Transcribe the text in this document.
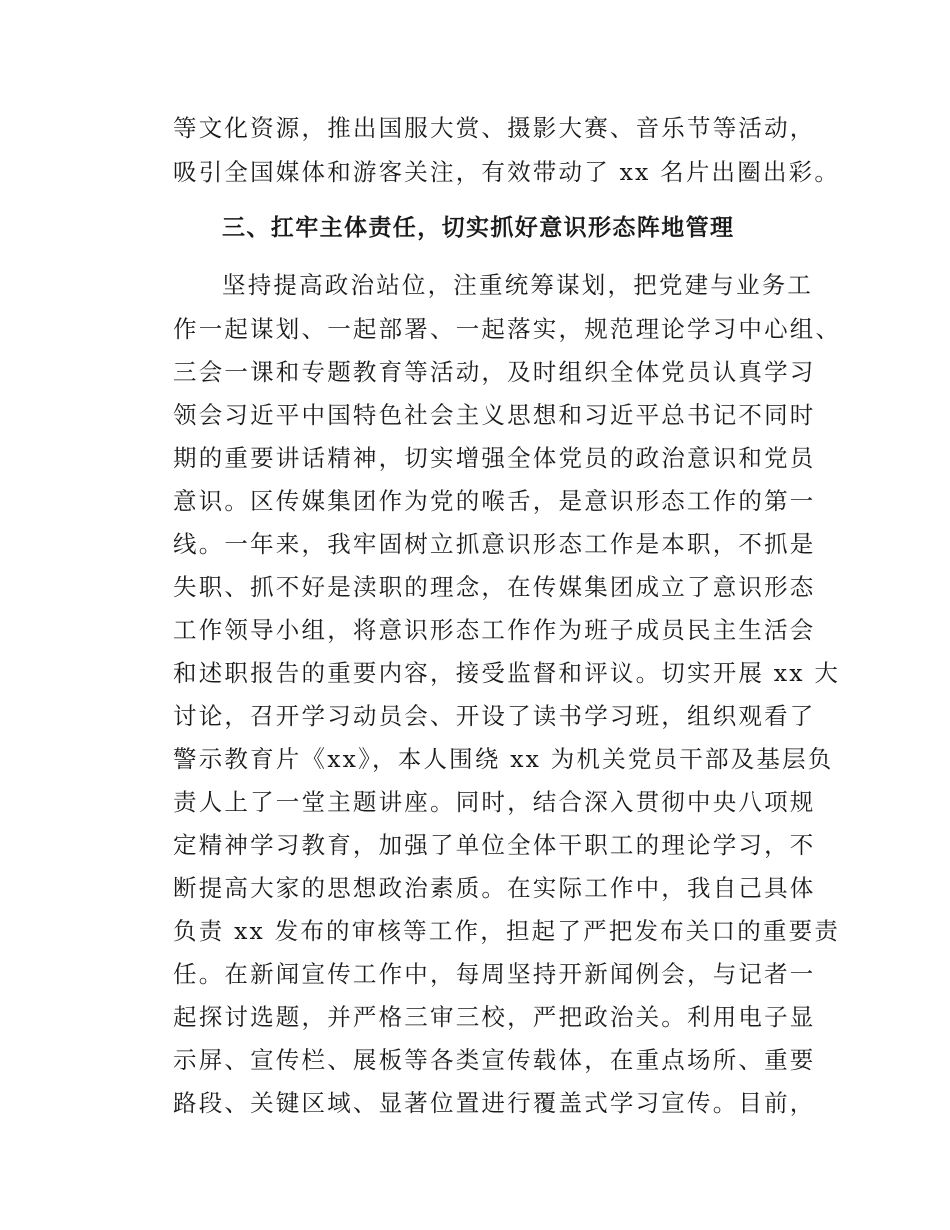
等文化资源，推出国服大赏、摄影大赛、音乐节等活动，
吸引全国媒体和游客关注，有效带动了 xx 名片出圈出彩。
三、扛牢主体责任，切实抓好意识形态阵地管理
坚持提高政治站位，注重统筹谋划，把党建与业务工
作一起谋划、一起部署、一起落实，规范理论学习中心组、
三会一课和专题教育等活动，及时组织全体党员认真学习
领会习近平中国特色社会主义思想和习近平总书记不同时
期的重要讲话精神，切实增强全体党员的政治意识和党员
意识。区传媒集团作为党的喉舌，是意识形态工作的第一
线。一年来，我牢固树立抓意识形态工作是本职，不抓是
失职、抓不好是渎职的理念，在传媒集团成立了意识形态
工作领导小组，将意识形态工作作为班子成员民主生活会
和述职报告的重要内容，接受监督和评议。切实开展 xx 大
讨论，召开学习动员会、开设了读书学习班，组织观看了
警示教育片《xx》，本人围绕 xx 为机关党员干部及基层负
责人上了一堂主题讲座。同时，结合深入贯彻中央八项规
定精神学习教育，加强了单位全体干职工的理论学习，不
断提高大家的思想政治素质。在实际工作中，我自己具体
负责 xx 发布的审核等工作，担起了严把发布关口的重要责
任。在新闻宣传工作中，每周坚持开新闻例会，与记者一
起探讨选题，并严格三审三校，严把政治关。利用电子显
示屏、宣传栏、展板等各类宣传载体，在重点场所、重要
路段、关键区域、显著位置进行覆盖式学习宣传。目前，
